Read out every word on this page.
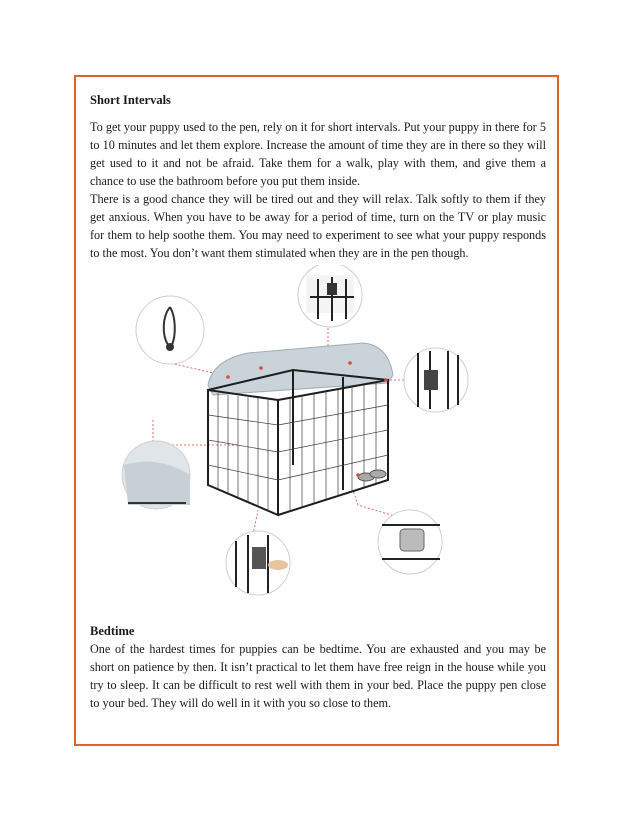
Short Intervals

To get your puppy used to the pen, rely on it for short intervals. Put your puppy in there for 5 to 10 minutes and let them explore. Increase the amount of time they are in there so they will get used to it and not be afraid. Take them for a walk, play with them, and give them a chance to use the bathroom before you put them inside.

There is a good chance they will be tired out and they will relax. Talk softly to them if they get anxious. When you have to be away for a period of time, turn on the TV or play music for them to help soothe them. You may need to experiment to see what your puppy responds to the most. You don’t want them stimulated when they are in the pen though.

Bedtime

One of the hardest times for puppies can be bedtime. You are exhausted and you may be short on patience by then. It isn’t practical to let them have free reign in the house while you try to sleep. It can be difficult to rest well with them in your bed. Place the puppy pen close to your bed. They will do well in it with you so close to them.
